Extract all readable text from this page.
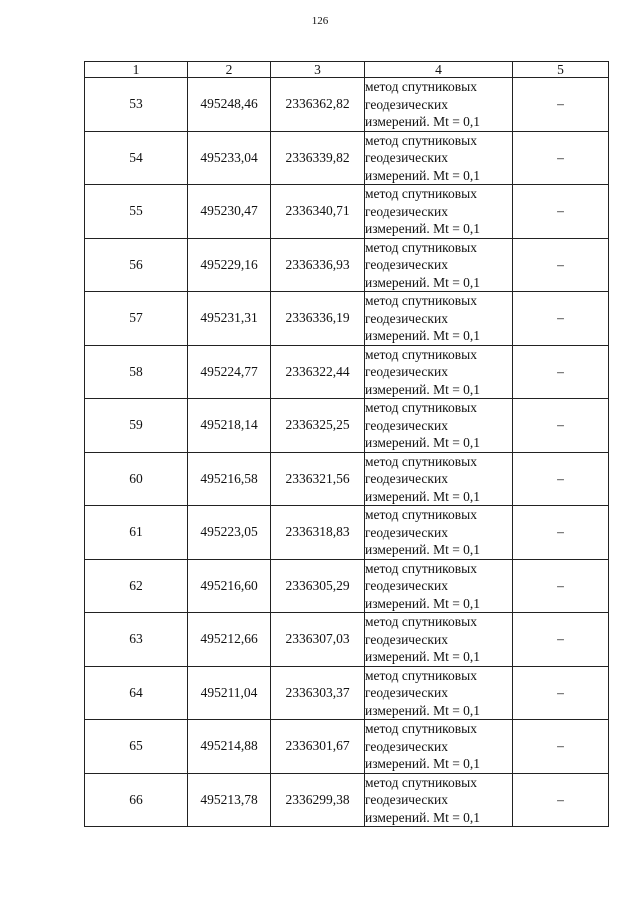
126
1	2	3	4	5
53	495248,46	2336362,82	метод спутниковых
геодезических
измерений. Mt = 0,1	–
54	495233,04	2336339,82	метод спутниковых
геодезических
измерений. Mt = 0,1	–
55	495230,47	2336340,71	метод спутниковых
геодезических
измерений. Mt = 0,1	–
56	495229,16	2336336,93	метод спутниковых
геодезических
измерений. Mt = 0,1	–
57	495231,31	2336336,19	метод спутниковых
геодезических
измерений. Mt = 0,1	–
58	495224,77	2336322,44	метод спутниковых
геодезических
измерений. Mt = 0,1	–
59	495218,14	2336325,25	метод спутниковых
геодезических
измерений. Mt = 0,1	–
60	495216,58	2336321,56	метод спутниковых
геодезических
измерений. Mt = 0,1	–
61	495223,05	2336318,83	метод спутниковых
геодезических
измерений. Mt = 0,1	–
62	495216,60	2336305,29	метод спутниковых
геодезических
измерений. Mt = 0,1	–
63	495212,66	2336307,03	метод спутниковых
геодезических
измерений. Mt = 0,1	–
64	495211,04	2336303,37	метод спутниковых
геодезических
измерений. Mt = 0,1	–
65	495214,88	2336301,67	метод спутниковых
геодезических
измерений. Mt = 0,1	–
66	495213,78	2336299,38	метод спутниковых
геодезических
измерений. Mt = 0,1	–
